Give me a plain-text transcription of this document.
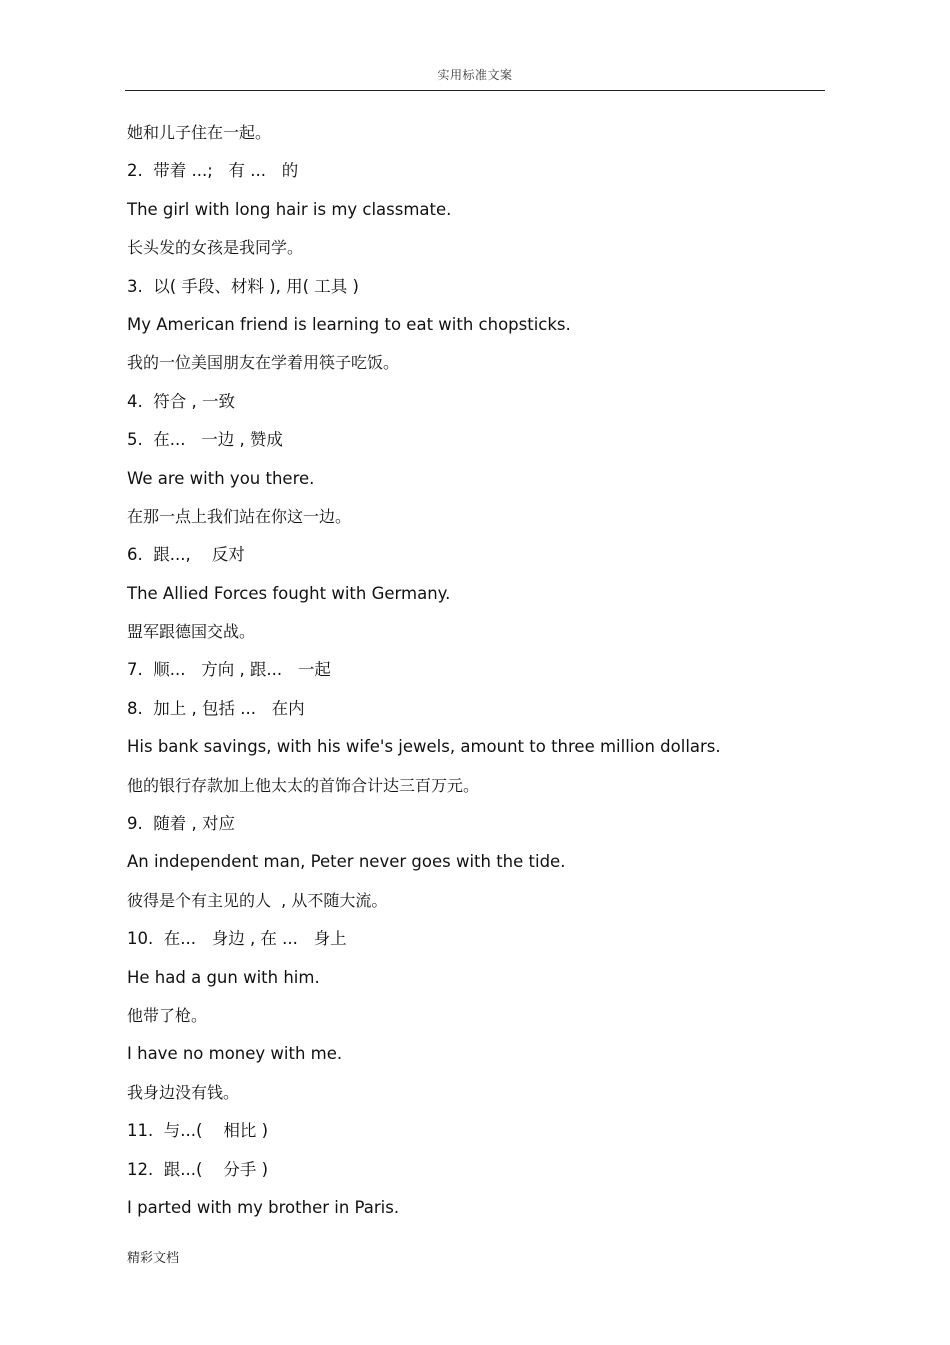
实用标准文案
她和儿子住在一起。
2.  带着 ...;   有 ...   的
The girl with long hair is my classmate.
长头发的女孩是我同学。
3.  以( 手段、材料 ), 用( 工具 )
My American friend is learning to eat with chopsticks.
我的一位美国朋友在学着用筷子吃饭。
4.  符合 , 一致
5.  在...   一边 , 赞成
We are with you there.
在那一点上我们站在你这一边。
6.  跟...,    反对
The Allied Forces fought with Germany.
盟军跟德国交战。
7.  顺...   方向 , 跟...   一起
8.  加上 , 包括 ...   在内
His bank savings, with his wife's jewels, amount to three million dollars.
他的银行存款加上他太太的首饰合计达三百万元。
9.  随着 , 对应
An independent man, Peter never goes with the tide.
彼得是个有主见的人  , 从不随大流。
10.  在...   身边 , 在 ...   身上
He had a gun with him.
他带了枪。
I have no money with me.
我身边没有钱。
11.  与...(    相比 )
12.  跟...(    分手 )
I parted with my brother in Paris.
精彩文档
